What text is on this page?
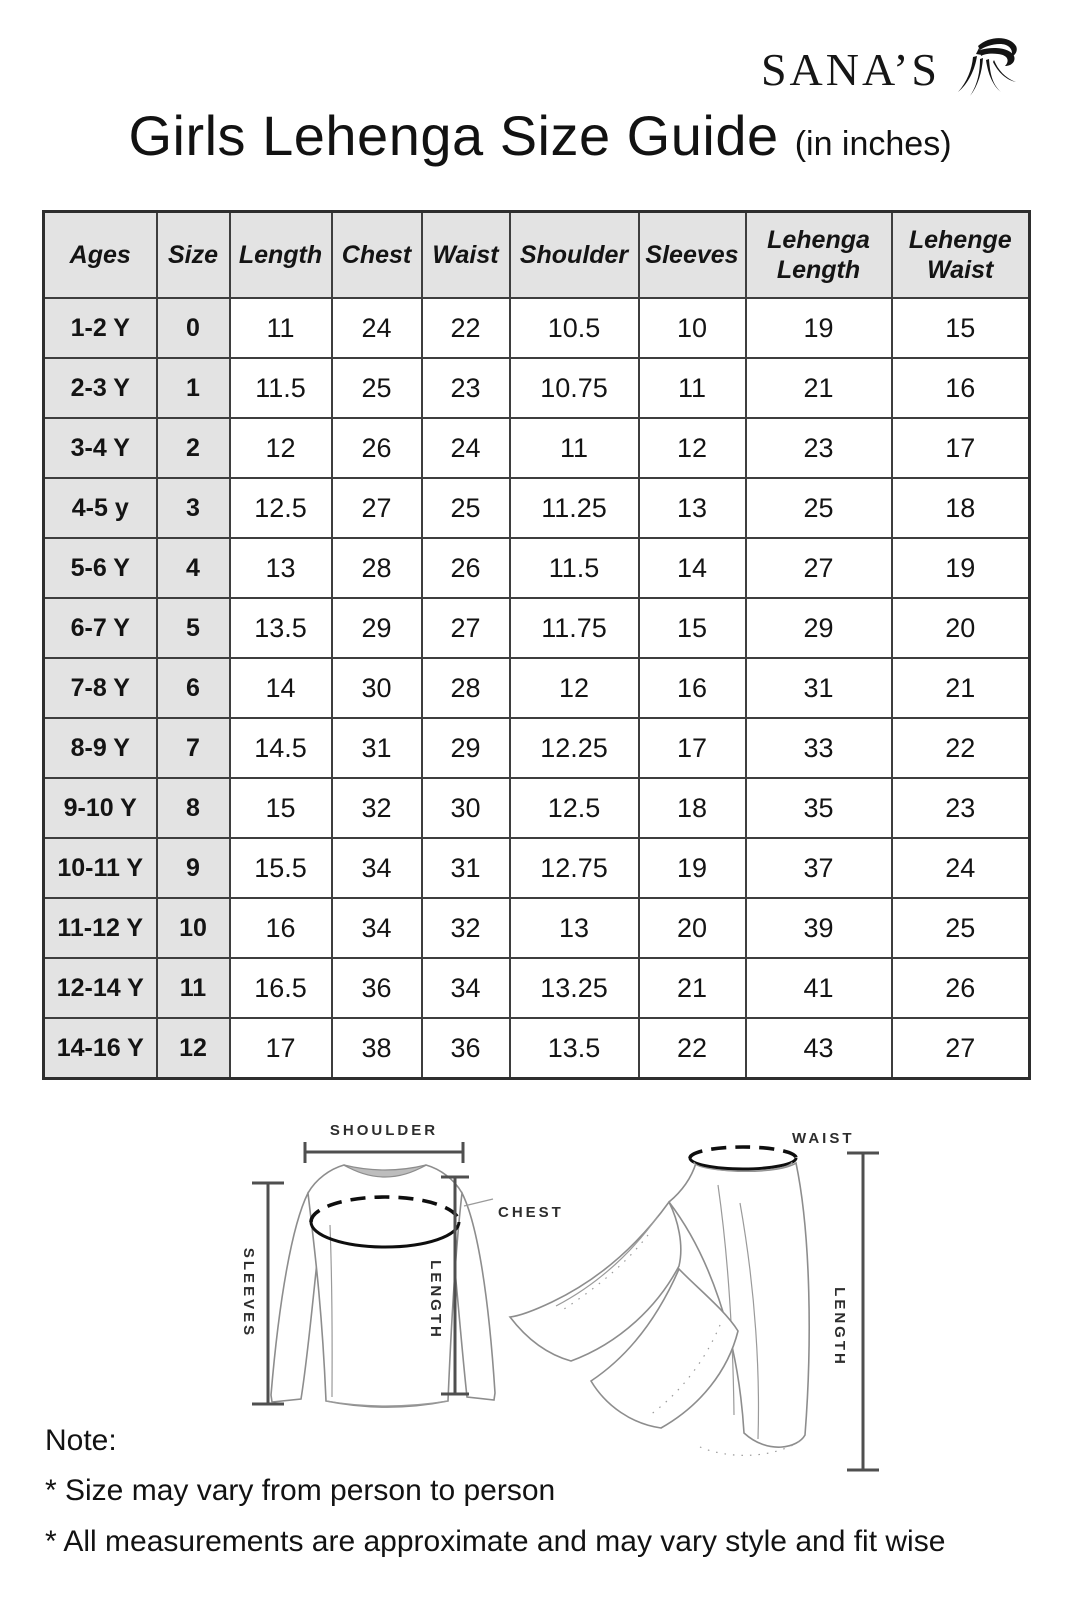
SANA’S
Girls Lehenga Size Guide (in inches)
Ages	Size	Length	Chest	Waist	Shoulder	Sleeves	Lehenga Length	Lehenge Waist
1-2 Y	0	11	24	22	10.5	10	19	15
2-3 Y	1	11.5	25	23	10.75	11	21	16
3-4 Y	2	12	26	24	11	12	23	17
4-5 y	3	12.5	27	25	11.25	13	25	18
5-6 Y	4	13	28	26	11.5	14	27	19
6-7 Y	5	13.5	29	27	11.75	15	29	20
7-8 Y	6	14	30	28	12	16	31	21
8-9 Y	7	14.5	31	29	12.25	17	33	22
9-10 Y	8	15	32	30	12.5	18	35	23
10-11 Y	9	15.5	34	31	12.75	19	37	24
11-12 Y	10	16	34	32	13	20	39	25
12-14 Y	11	16.5	36	34	13.25	21	41	26
14-16 Y	12	17	38	36	13.5	22	43	27
SHOULDER
SLEEVES
CHEST
LENGTH
WAIST
LENGTH
Note:
* Size may vary from person to person
* All measurements are approximate and may vary style and fit wise
